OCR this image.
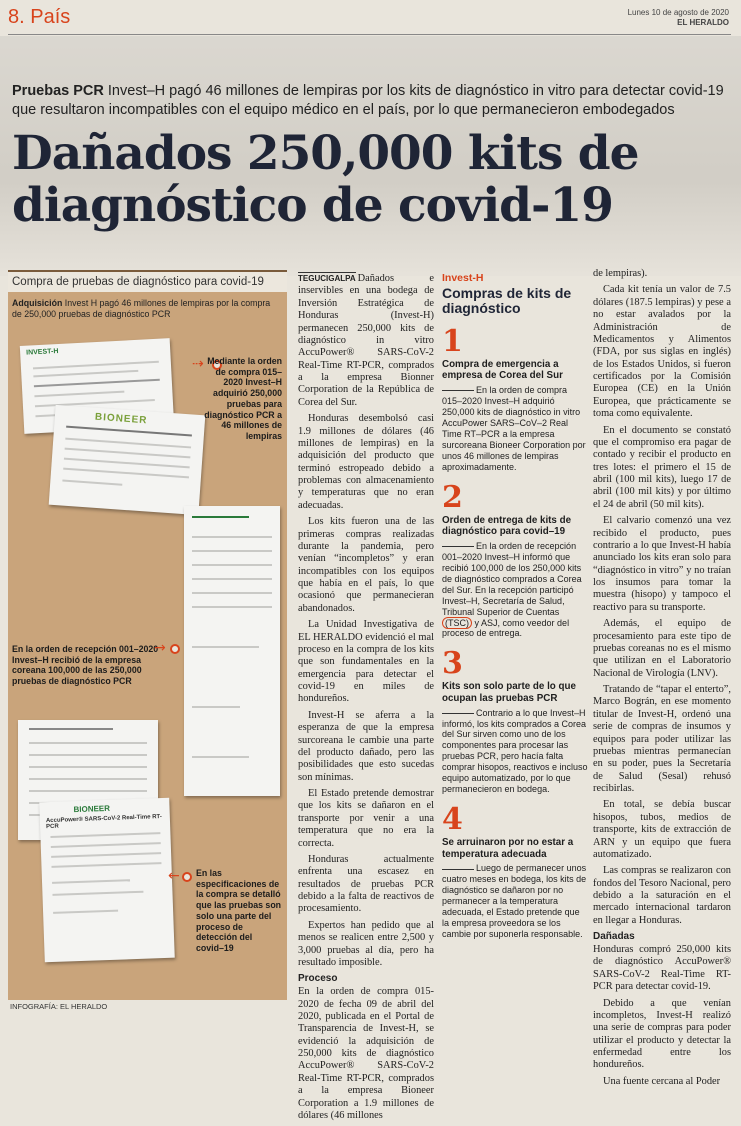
8. País	Lunes 10 de agosto de 2020
EL HERALDO
Pruebas PCR Invest–H pagó 46 millones de lempiras por los kits de diagnóstico in vitro para detectar covid-19 que resultaron incompatibles con el equipo médico en el país, por lo que permanecieron embodegados
Dañados 250,000 kits de diagnóstico de covid-19
Compra de pruebas de diagnóstico para covid-19
Adquisición Invest H pagó 46 millones de lempiras por la compra de 250,000 pruebas de diagnóstico PCR
INVEST-H
BIONEER
BIONEER
AccuPower® SARS-CoV-2 Real-Time RT-PCR
⇢ Mediante la orden de compra 015–2020 Invest–H adquirió 250,000 pruebas para diagnóstico PCR a 46 millones de lempiras
En la orden de recepción 001–2020 Invest–H recibió de la empresa coreana 100,000 de las 250,000 pruebas de diagnóstico PCR
→
← En las especificaciones de la compra se detalló que las pruebas son solo una parte del proceso de detección del covid–19
INFOGRAFÍA: EL HERALDO

TEGUCIGALPA Dañados e inservibles en una bodega de Inversión Estratégica de Honduras (Invest-H) permanecen 250,000 kits de diagnóstico in vitro AccuPower® SARS-CoV-2 Real-Time RT-PCR, comprados a la empresa Bionner Corporation de la República de Corea del Sur.

Honduras desembolsó casi 1.9 millones de dólares (46 millones de lempiras) en la adquisición del producto que terminó estropeado debido a problemas con almacenamiento y temperaturas que no eran adecuadas.

Los kits fueron una de las primeras compras realizadas durante la pandemia, pero venían “incompletos” y eran incompatibles con los equipos que había en el país, lo que ocasionó que permanecieran abandonados.

La Unidad Investigativa de EL HERALDO evidenció el mal proceso en la compra de los kits que son fundamentales en la emergencia para detectar el covid-19 en miles de hondureños.

Invest-H se aferra a la esperanza de que la empresa surcoreana le cambie una parte del producto dañado, pero las posibilidades que esto sucedas son mínimas.

El Estado pretende demostrar que los kits se dañaron en el transporte por venir a una temperatura que no era la correcta.

Honduras actualmente enfrenta una escasez en resultados de pruebas PCR debido a la falta de reactivos de procesamiento.

Expertos han pedido que al menos se realicen entre 2,500 y 3,000 pruebas al día, pero ha resultado imposible.

Proceso

En la orden de compra 015-2020 de fecha 09 de abril del 2020, publicada en el Portal de Transparencia de Invest-H, se evidenció la adquisición de 250,000 kits de diagnóstico AccuPower® SARS-CoV-2 Real-Time RT-PCR, comprados a la empresa Bioneer Corporation a 1.9 millones de dólares (46 millones

Invest-H
Compras de kits de diagnóstico
1
Compra de emergencia a empresa de Corea del Sur
En la orden de compra 015–2020 Invest–H adquirió 250,000 kits de diagnóstico in vitro AccuPower SARS–CoV–2 Real Time RT–PCR a la empresa surcoreana Bioneer Corporation por unos 46 millones de lempiras aproximadamente.
2
Orden de entrega de kits de diagnóstico para covid–19
En la orden de recepción 001–2020 Invest–H informó que recibió 100,000 de los 250,000 kits de diagnóstico comprados a Corea del Sur. En la recepción participó Invest–H, Secretaría de Salud, Tribunal Superior de Cuentas (TSC) y ASJ, como veedor del proceso de entrega.
3
Kits son solo parte de lo que ocupan las pruebas PCR
Contrario a lo que Invest–H informó, los kits comprados a Corea del Sur sirven como uno de los componentes para procesar las pruebas PCR, pero hacía falta comprar hisopos, reactivos e incluso equipo automatizado, por lo que permanecieron en bodega.
4
Se arruinaron por no estar a temperatura adecuada
Luego de permanecer unos cuatro meses en bodega, los kits de diagnóstico se dañaron por no permanecer a la temperatura adecuada, el Estado pretende que la empresa proveedora se los cambie por suponerla responsable.

de lempiras).

Cada kit tenía un valor de 7.5 dólares (187.5 lempiras) y pese a no estar avalados por la Administración de Medicamentos y Alimentos (FDA, por sus siglas en inglés) de los Estados Unidos, si fueron certificados por la Comisión Europea (CE) en la Unión Europea, que prácticamente se toma como equivalente.

En el documento se constató que el compromiso era pagar de contado y recibir el producto en tres lotes: el primero el 15 de abril (100 mil kits), luego 17 de abril (100 mil kits) y por último el 24 de abril (50 mil kits).

El calvario comenzó una vez recibido el producto, pues contrario a lo que Invest-H había anunciado los kits eran solo para “diagnóstico in vitro” y no traían los insumos para tomar la muestra (hisopo) y tampoco el reactivo para su transporte.

Además, el equipo de procesamiento para este tipo de pruebas coreanas no es el mismo que utilizan en el Laboratorio Nacional de Virología (LNV).

Tratando de “tapar el enterto”, Marco Bográn, en ese momento titular de Invest-H, ordenó una serie de compras de insumos y equipos para poder utilizar las pruebas mientras permanecían en su poder, pues la Secretaría de Salud (Sesal) rehusó recibirlas.

En total, se debía buscar hisopos, tubos, medios de transporte, kits de extracción de ARN y un equipo que fuera automatizado.

Las compras se realizaron con fondos del Tesoro Nacional, pero debido a la saturación en el mercado internacional tardaron en llegar a Honduras.

Dañadas

Honduras compró 250,000 kits de diagnóstico AccuPower® SARS-CoV-2 Real-Time RT-PCR para detectar covid-19.

Debido a que venían incompletos, Invest-H realizó una serie de compras para poder utilizar el producto y detectar la enfermedad entre los hondureños.

Una fuente cercana al Poder
